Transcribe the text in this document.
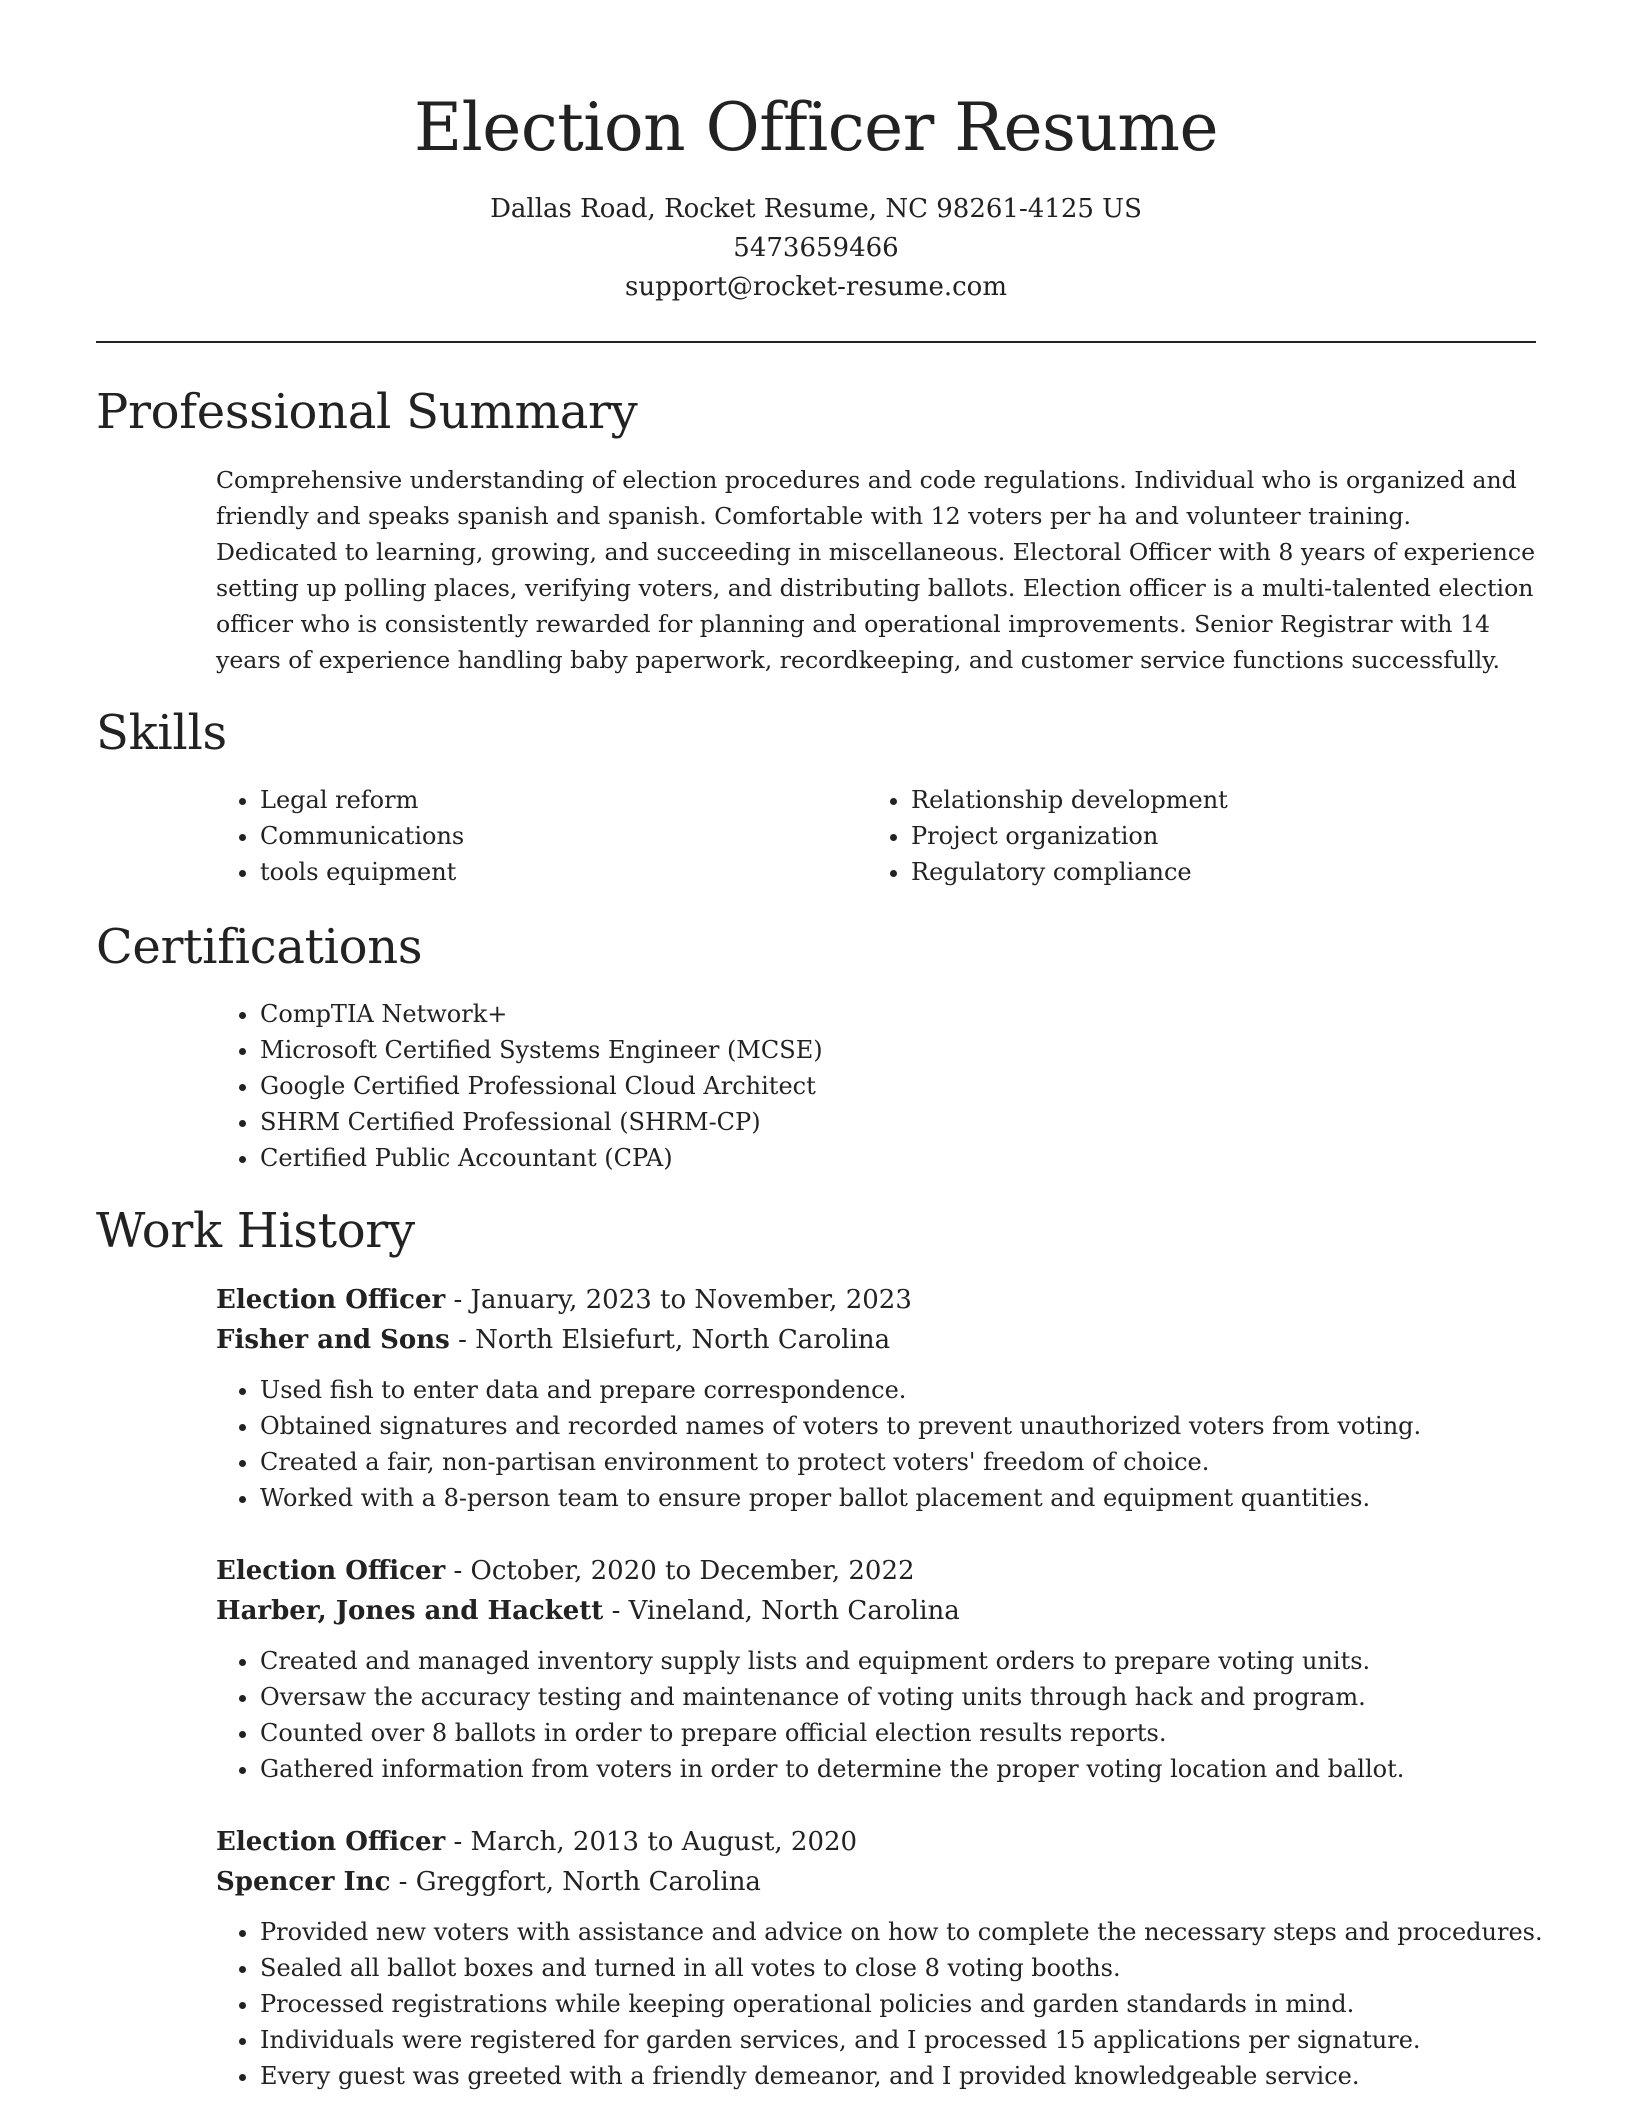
Election Officer Resume
Dallas Road, Rocket Resume, NC 98261-4125 US
5473659466
support@rocket-resume.com
Professional Summary

Comprehensive understanding of election procedures and code regulations. Individual who is organized and friendly and speaks spanish and spanish. Comfortable with 12 voters per ha and volunteer training. Dedicated to learning, growing, and succeeding in miscellaneous. Electoral Officer with 8 years of experience setting up polling places, verifying voters, and distributing ballots. Election officer is a multi-talented election officer who is consistently rewarded for planning and operational improvements. Senior Registrar with 14 years of experience handling baby paperwork, recordkeeping, and customer service functions successfully.

Skills
• Legal reform
• Communications
• tools equipment
• Relationship development
• Project organization
• Regulatory compliance
Certifications
• CompTIA Network+
• Microsoft Certified Systems Engineer (MCSE)
• Google Certified Professional Cloud Architect
• SHRM Certified Professional (SHRM-CP)
• Certified Public Accountant (CPA)
Work History
Election Officer - January, 2023 to November, 2023
Fisher and Sons - North Elsiefurt, North Carolina
• Used fish to enter data and prepare correspondence.
• Obtained signatures and recorded names of voters to prevent unauthorized voters from voting.
• Created a fair, non-partisan environment to protect voters' freedom of choice.
• Worked with a 8-person team to ensure proper ballot placement and equipment quantities.
Election Officer - October, 2020 to December, 2022
Harber, Jones and Hackett - Vineland, North Carolina
• Created and managed inventory supply lists and equipment orders to prepare voting units.
• Oversaw the accuracy testing and maintenance of voting units through hack and program.
• Counted over 8 ballots in order to prepare official election results reports.
• Gathered information from voters in order to determine the proper voting location and ballot.
Election Officer - March, 2013 to August, 2020
Spencer Inc - Greggfort, North Carolina
• Provided new voters with assistance and advice on how to complete the necessary steps and procedures.
• Sealed all ballot boxes and turned in all votes to close 8 voting booths.
• Processed registrations while keeping operational policies and garden standards in mind.
• Individuals were registered for garden services, and I processed 15 applications per signature.
• Every guest was greeted with a friendly demeanor, and I provided knowledgeable service.
